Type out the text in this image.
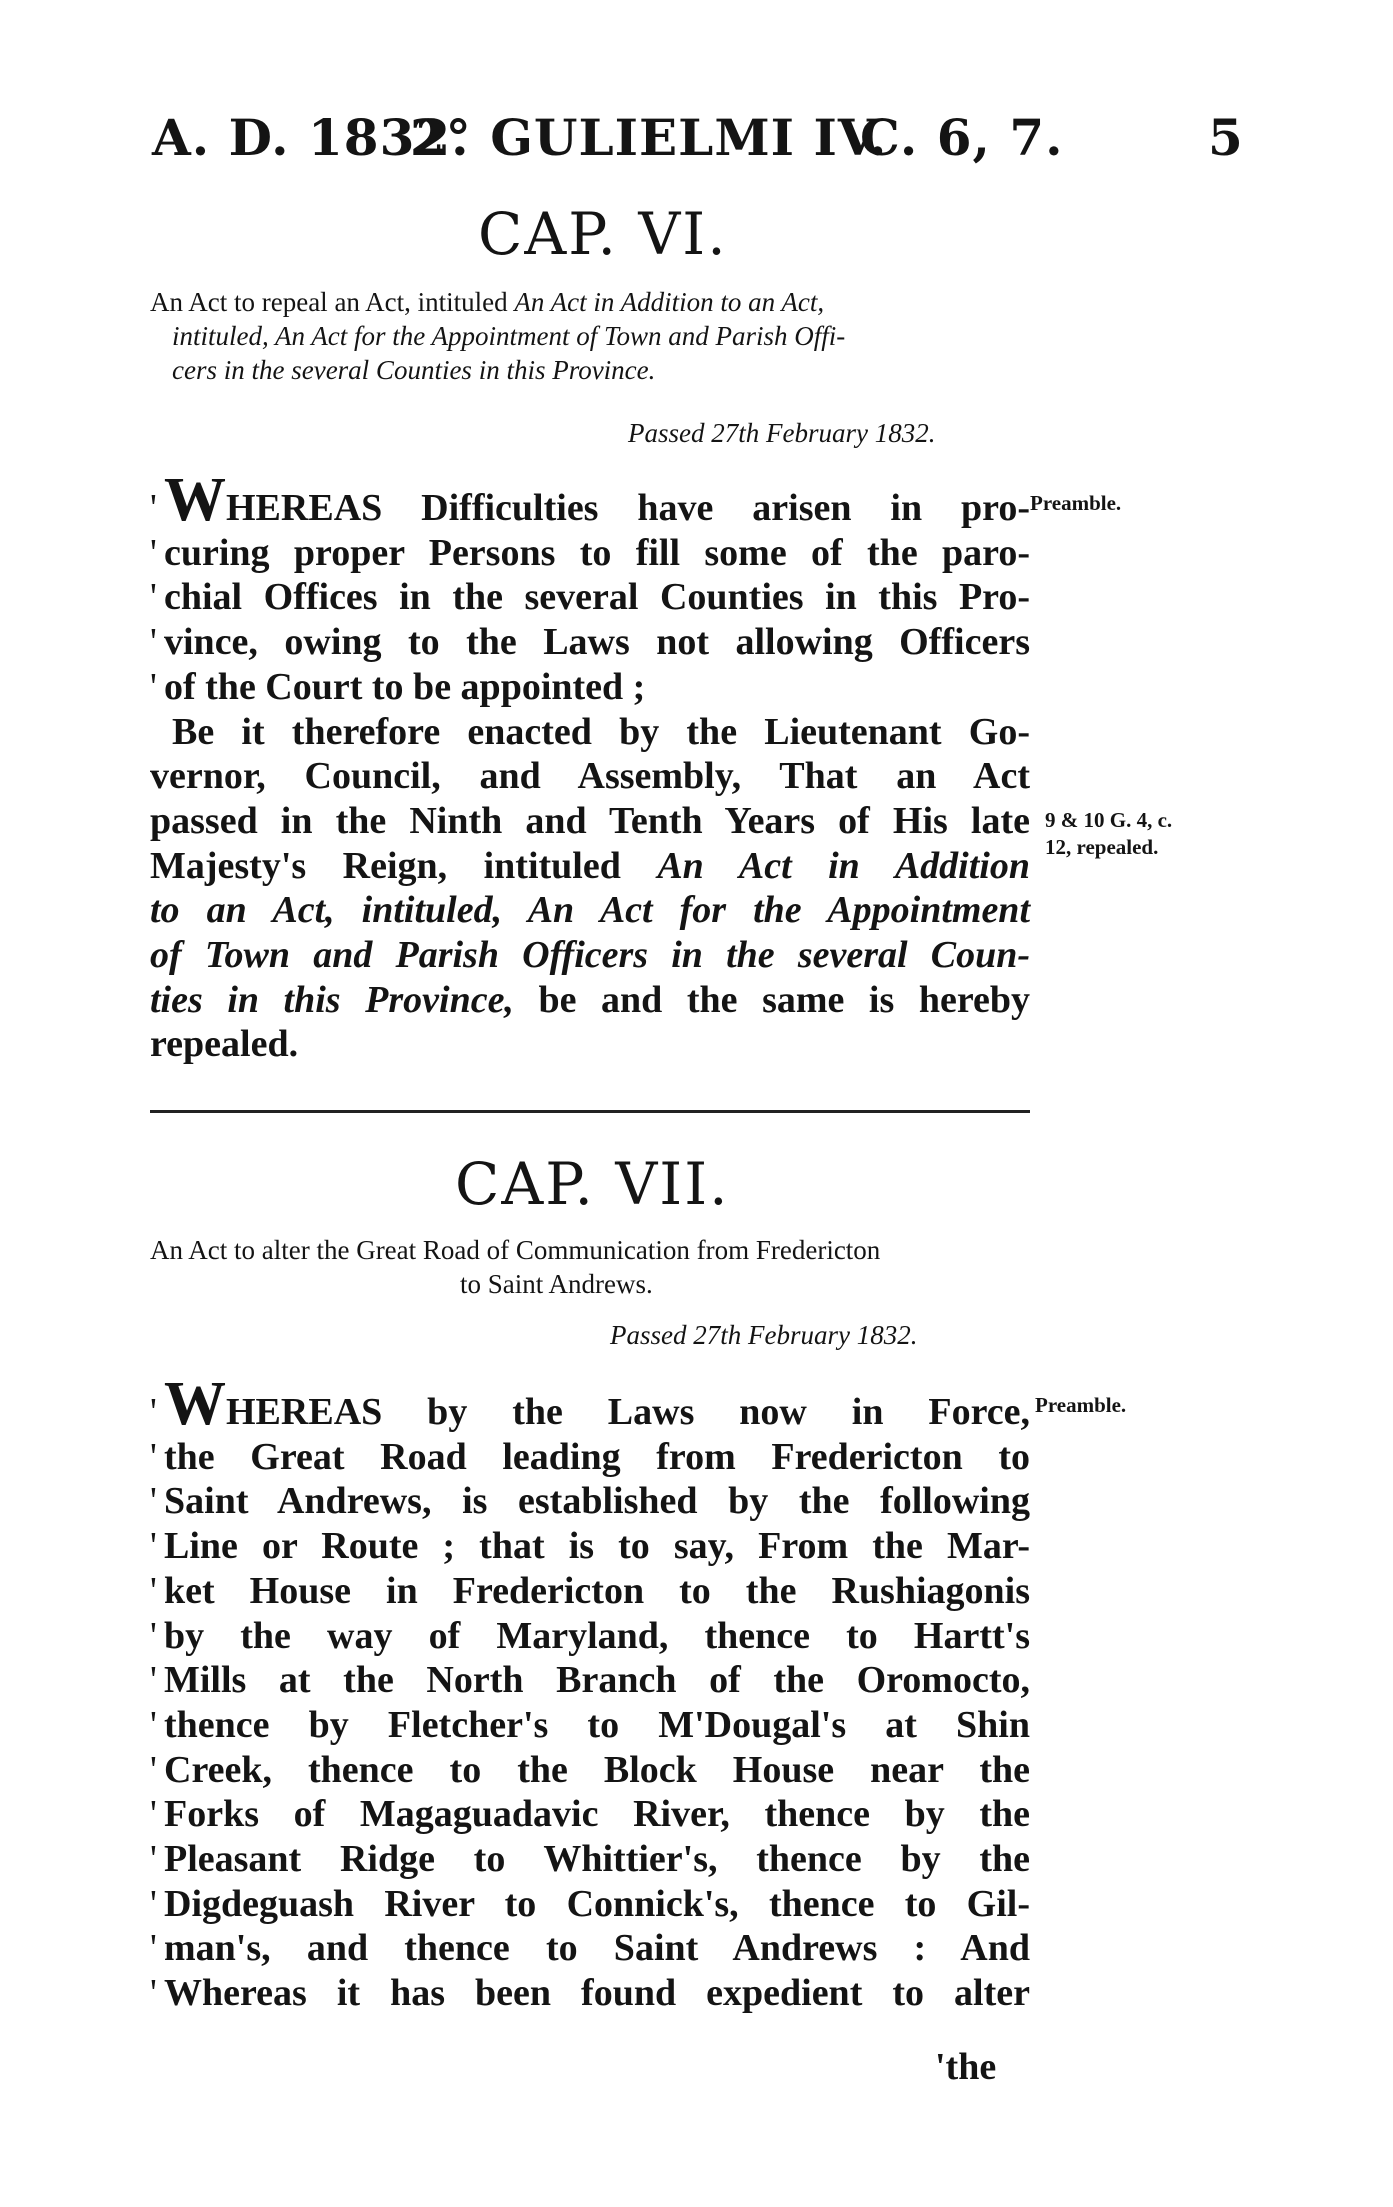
A. D. 1832.
2° GULIELMI IV.
C. 6, 7.	5
CAP. VI.
An Act to repeal an Act, intituled An Act in Addition to an Act,
intituled, An Act for the Appointment of Town and Parish Offi-
cers in the several Counties in this Province.
Passed 27th February 1832.
Preamble.
9 & 10 G. 4, c.
12, repealed.
' WHEREAS Difficulties have arisen in pro-
' curing proper Persons to fill some of the paro-
' chial Offices in the several Counties in this Pro-
' vince, owing to the Laws not allowing Officers
' of the Court to be appointed ;
Be it therefore enacted by the Lieutenant Go-
vernor, Council, and Assembly, That an Act
passed in the Ninth and Tenth Years of His late
Majesty's Reign, intituled An Act in Addition
to an Act, intituled, An Act for the Appointment
of Town and Parish Officers in the several Coun-
ties in this Province, be and the same is hereby
repealed.
CAP. VII.
An Act to alter the Great Road of Communication from Fredericton
to Saint Andrews.
Passed 27th February 1832.
Preamble.
' WHEREAS by the Laws now in Force,
' the Great Road leading from Fredericton to
' Saint Andrews, is established by the following
' Line or Route ; that is to say, From the Mar-
' ket House in Fredericton to the Rushiagonis
' by the way of Maryland, thence to Hartt's
' Mills at the North Branch of the Oromocto,
' thence by Fletcher's to M'Dougal's at Shin
' Creek, thence to the Block House near the
' Forks of Magaguadavic River, thence by the
' Pleasant Ridge to Whittier's, thence by the
' Digdeguash River to Connick's, thence to Gil-
' man's, and thence to Saint Andrews : And
' Whereas it has been found expedient to alter
'the
